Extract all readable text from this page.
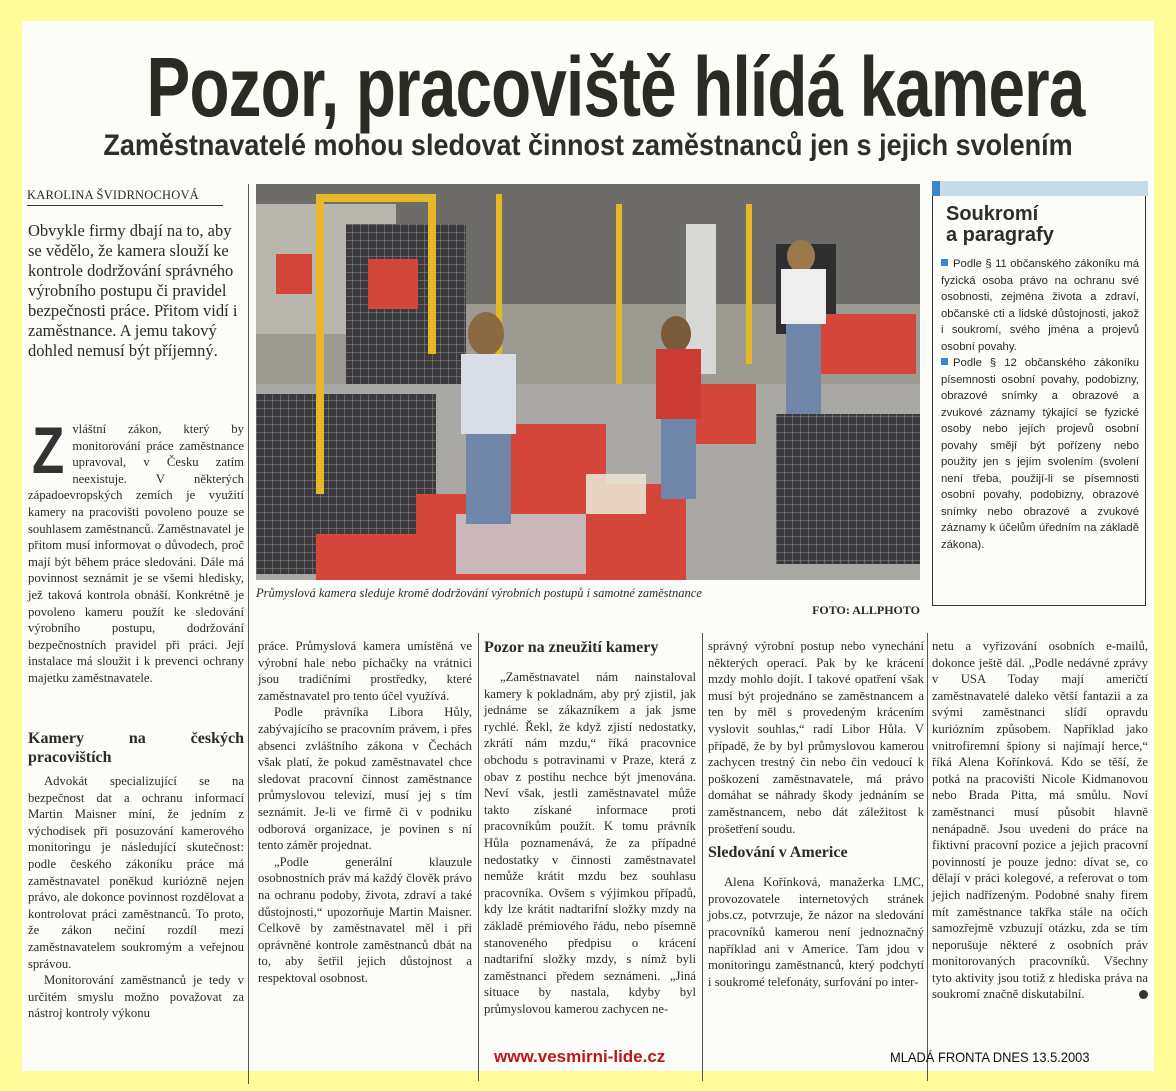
Pozor, pracoviště hlídá kamera
Zaměstnavatelé mohou sledovat činnost zaměstnanců jen s jejich svolením
KAROLINA ŠVIDRNOCHOVÁ
Obvykle firmy dbají na to, aby se vědělo, že kamera slouží ke kontrole dodržování správného výrobního postupu či pravidel bezpečnosti práce. Přitom vidí i zaměstnance. A jemu takový dohled nemusí být příjemný.
Z vláštní zákon, který by monitorování práce zaměstnance upravoval, v Česku zatím neexistuje. V některých západoevropských zemích je využití kamery na pracovišti povoleno pouze se souhlasem zaměstnanců. Zaměstnavatel je přitom musí informovat o důvodech, proč mají být během práce sledováni. Dále má povinnost seznámit je se všemi hledisky, jež taková kontrola obnáší. Konkrétně je povoleno kameru použít ke sledování výrobního postupu, dodržování bezpečnostních pravidel při práci. Její instalace má sloužit i k prevenci ochrany majetku zaměstnavatele.
Kamery na českých pracovištích

Advokát specializující se na bezpečnost dat a ochranu informací Martin Maisner míní, že jedním z východisek při posuzování kamerového monitoringu je následující skutečnost: podle českého zákoníku práce má zaměstnavatel poněkud kuriózně nejen právo, ale dokonce povinnost rozdělovat a kontrolovat práci zaměstnanců. To proto, že zákon nečiní rozdíl mezi zaměstnavatelem soukromým a veřejnou správou.

Monitorování zaměstnanců je tedy v určitém smyslu možno považovat za nástroj kontroly výkonu

Průmyslová kamera sleduje kromě dodržování výrobních postupů i samotné zaměstnance
FOTO: ALLPHOTO

práce. Průmyslová kamera umístěná ve výrobní hale nebo píchačky na vrátnici jsou tradičními prostředky, které zaměstnavatel pro tento účel využívá.

Podle právníka Libora Hůly, zabývajícího se pracovním právem, i přes absenci zvláštního zákona v Čechách však platí, že pokud zaměstnavatel chce sledovat pracovní činnost zaměstnance průmyslovou televizí, musí jej s tím seznámit. Je-li ve firmě či v podniku odborová organizace, je povinen s ní tento záměr projednat.

„Podle generální klauzule osobnostních práv má každý člověk právo na ochranu podoby, života, zdraví a také důstojnosti,“ upozorňuje Martin Maisner. Celkově by zaměstnavatel měl i při oprávněné kontrole zaměstnanců dbát na to, aby šetřil jejich důstojnost a respektoval osobnost.

Pozor na zneužití kamery

„Zaměstnavatel nám nainstaloval kamery k pokladnám, aby prý zjistil, jak jednáme se zákazníkem a jak jsme rychlé. Řekl, že když zjistí nedostatky, zkrátí nám mzdu,“ říká pracovnice obchodu s potravinami v Praze, která z obav z postihu nechce být jmenována. Neví však, jestli zaměstnavatel může takto získané informace proti pracovníkům použít. K tomu právník Hůla poznamenává, že za případné nedostatky v činnosti zaměstnavatel nemůže krátit mzdu bez souhlasu pracovníka. Ovšem s výjimkou případů, kdy lze krátit nadtarifní složky mzdy na základě prémiového řádu, nebo písemně stanoveného předpisu o krácení nadtarifní složky mzdy, s nímž byli zaměstnanci předem seznámeni. „Jiná situace by nastala, kdyby byl průmyslovou kamerou zachycen ne-

správný výrobní postup nebo vynechání některých operací. Pak by ke krácení mzdy mohlo dojít. I takové opatření však musí být projednáno se zaměstnancem a ten by měl s provedeným krácením vyslovit souhlas,“ radí Libor Hůla. V případě, že by byl průmyslovou kamerou zachycen trestný čin nebo čin vedoucí k poškození zaměstnavatele, má právo domáhat se náhrady škody jednáním se zaměstnancem, nebo dát záležitost k prošetření soudu.

Sledování v Americe

Alena Kořínková, manažerka LMC, provozovatele internetových stránek jobs.cz, potvrzuje, že názor na sledování pracovníků kamerou není jednoznačný například ani v Americe. Tam jdou v monitoringu zaměstnanců, který podchytí i soukromé telefonáty, surfování po inter-

netu a vyřizování osobních e-mailů, dokonce ještě dál. „Podle nedávné zprávy v USA Today mají američtí zaměstnavatelé daleko větší fantazii a za svými zaměstnanci slídí opravdu kuriózním způsobem. Například jako vnitrofiremní špiony si najímají herce,“ říká Alena Kořínková. Kdo se těší, že potká na pracovišti Nicole Kidmanovou nebo Brada Pitta, má smůlu. Noví zaměstnanci musí působit hlavně nenápadně. Jsou uvedeni do práce na fiktivní pracovní pozice a jejich pracovní povinností je pouze jedno: dívat se, co dělají v práci kolegové, a referovat o tom jejich nadřízeným. Podobné snahy firem mít zaměstnance takřka stále na očích samozřejmě vzbuzují otázku, zda se tím neporušuje některé z osobních práv monitorovaných pracovníků. Všechny tyto aktivity jsou totiž z hlediska práva na soukromí značně diskutabilní.

Soukromí
a paragrafy
Podle § 11 občanského zákoníku má fyzická osoba právo na ochranu své osobnosti, zejména života a zdraví, občanské cti a lidské důstojnosti, jakož i soukromí, svého jména a projevů osobní povahy.
Podle § 12 občanského zákoníku písemnosti osobní povahy, podobizny, obrazové snímky a obrazové a zvukové záznamy týkající se fyzické osoby nebo jejích projevů osobní povahy smějí být pořízeny nebo použity jen s jejím svolením (svolení není třeba, použijí-li se písemnosti osobní povahy, podobizny, obrazové snímky nebo obrazové a zvukové záznamy k účelům úředním na základě zákona).
www.vesmirni-lide.cz	MLADÁ FRONTA DNES 13.5.2003
